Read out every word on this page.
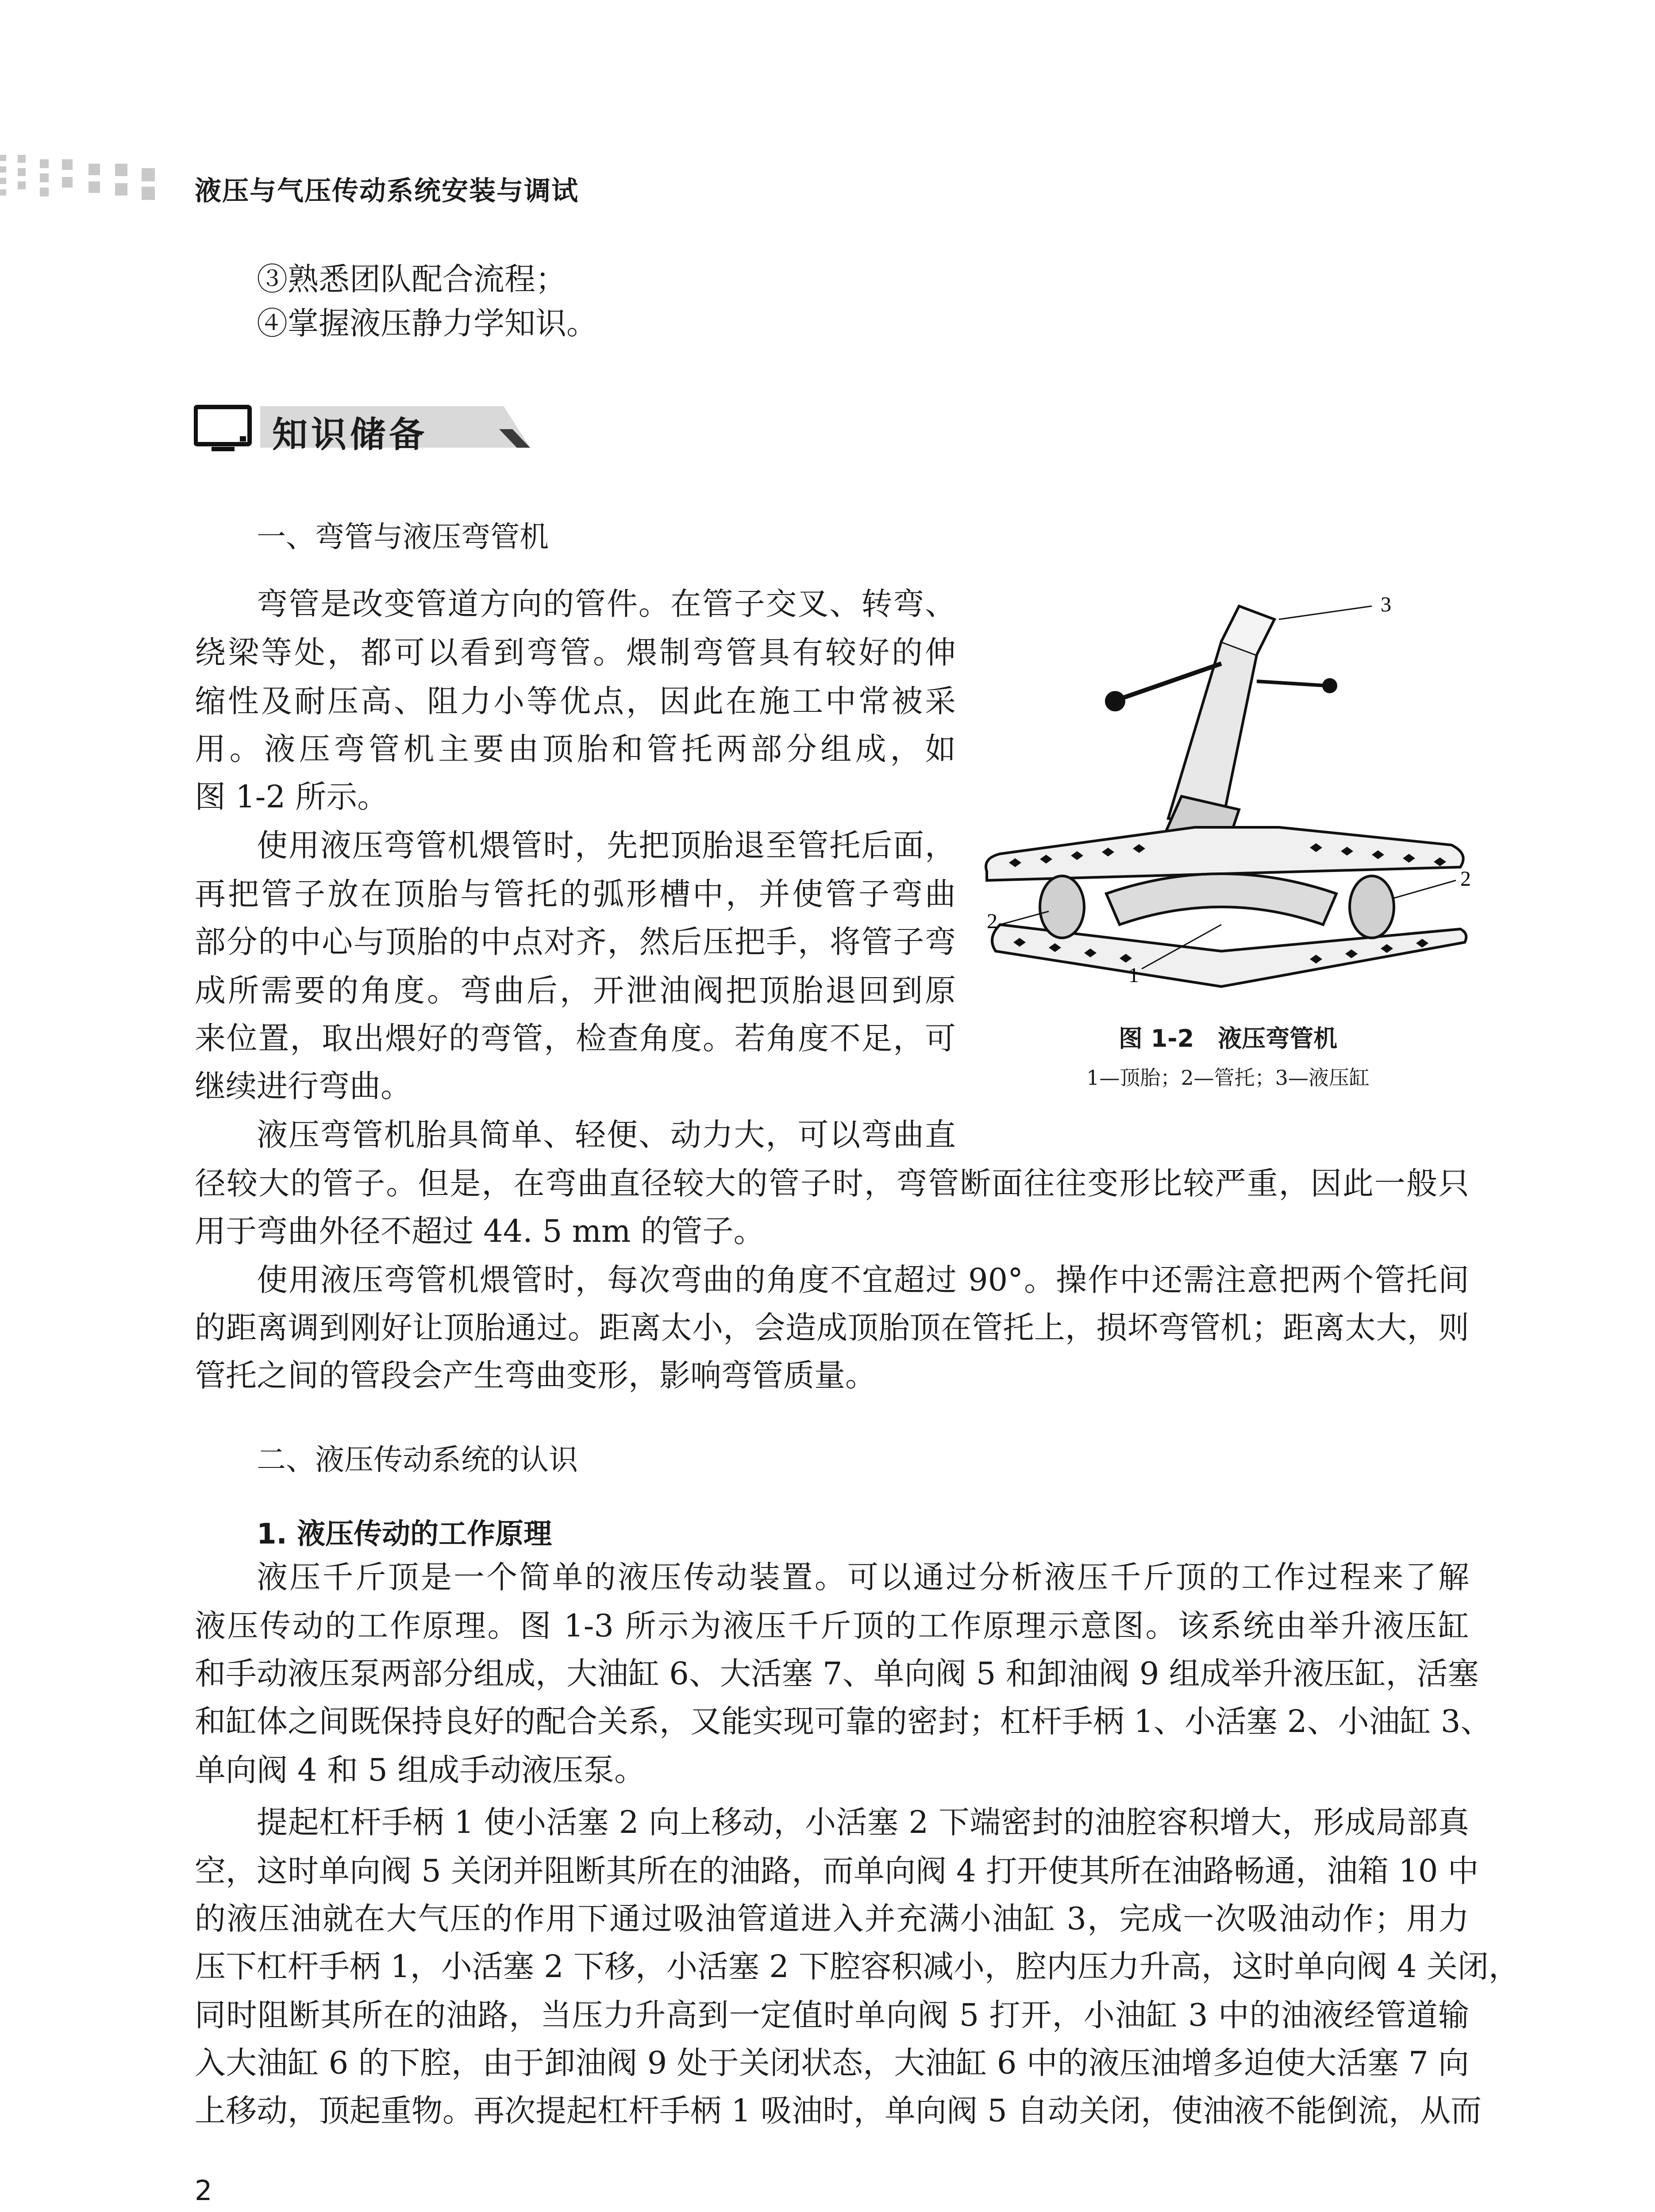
液压与气压传动系统安装与调试
③熟悉团队配合流程；
④掌握液压静力学知识。
知识储备
一、弯管与液压弯管机
弯管是改变管道方向的管件。在管子交叉、转弯、
绕梁等处，都可以看到弯管。煨制弯管具有较好的伸
缩性及耐压高、阻力小等优点，因此在施工中常被采
用。液压弯管机主要由顶胎和管托两部分组成，如
图 1-2 所示。
使用液压弯管机煨管时，先把顶胎退至管托后面，
再把管子放在顶胎与管托的弧形槽中，并使管子弯曲
部分的中心与顶胎的中点对齐，然后压把手，将管子弯
成所需要的角度。弯曲后，开泄油阀把顶胎退回到原
来位置，取出煨好的弯管，检查角度。若角度不足，可
继续进行弯曲。
液压弯管机胎具简单、轻便、动力大，可以弯曲直
径较大的管子。但是，在弯曲直径较大的管子时，弯管断面往往变形比较严重，因此一般只
用于弯曲外径不超过 44. 5 mm 的管子。
使用液压弯管机煨管时，每次弯曲的角度不宜超过 90°。操作中还需注意把两个管托间
的距离调到刚好让顶胎通过。距离太小，会造成顶胎顶在管托上，损坏弯管机；距离太大，则
管托之间的管段会产生弯曲变形，影响弯管质量。
3
2
2
1
图 1-2　液压弯管机
1—顶胎；2—管托；3—液压缸
二、液压传动系统的认识
1. 液压传动的工作原理
液压千斤顶是一个简单的液压传动装置。可以通过分析液压千斤顶的工作过程来了解
液压传动的工作原理。图 1-3 所示为液压千斤顶的工作原理示意图。该系统由举升液压缸
和手动液压泵两部分组成，大油缸 6、大活塞 7、单向阀 5 和卸油阀 9 组成举升液压缸，活塞
和缸体之间既保持良好的配合关系，又能实现可靠的密封；杠杆手柄 1、小活塞 2、小油缸 3、
单向阀 4 和 5 组成手动液压泵。
提起杠杆手柄 1 使小活塞 2 向上移动，小活塞 2 下端密封的油腔容积增大，形成局部真
空，这时单向阀 5 关闭并阻断其所在的油路，而单向阀 4 打开使其所在油路畅通，油箱 10 中
的液压油就在大气压的作用下通过吸油管道进入并充满小油缸 3，完成一次吸油动作；用力
压下杠杆手柄 1，小活塞 2 下移，小活塞 2 下腔容积减小，腔内压力升高，这时单向阀 4 关闭，
同时阻断其所在的油路，当压力升高到一定值时单向阀 5 打开，小油缸 3 中的油液经管道输
入大油缸 6 的下腔，由于卸油阀 9 处于关闭状态，大油缸 6 中的液压油增多迫使大活塞 7 向
上移动，顶起重物。再次提起杠杆手柄 1 吸油时，单向阀 5 自动关闭，使油液不能倒流，从而
2
